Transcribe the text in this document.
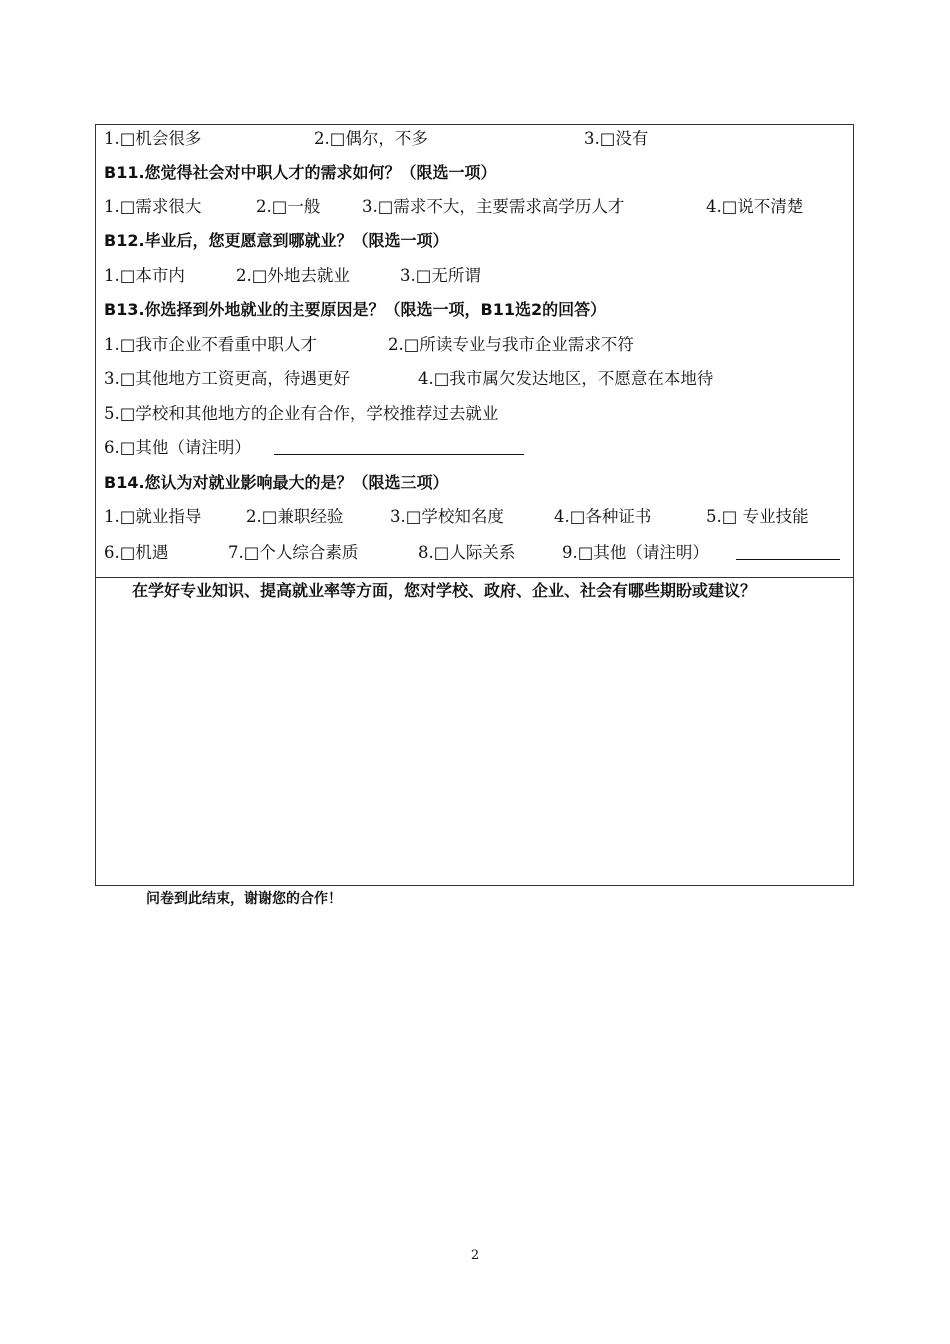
1.□机会很多	2.□偶尔，不多	3.□没有
B11.您觉得社会对中职人才的需求如何？（限选一项）
1.□需求很大	2.□一般	3.□需求不大，主要需求高学历人才	4.□说不清楚
B12.毕业后，您更愿意到哪就业？（限选一项）
1.□本市内	2.□外地去就业	3.□无所谓
B13.你选择到外地就业的主要原因是？（限选一项，B11选2的回答）
1.□我市企业不看重中职人才	2.□所读专业与我市企业需求不符
3.□其他地方工资更高，待遇更好	4.□我市属欠发达地区，不愿意在本地待
5.□学校和其他地方的企业有合作，学校推荐过去就业
6.□其他（请注明）
B14.您认为对就业影响最大的是？（限选三项）
1.□就业指导	2.□兼职经验	3.□学校知名度	4.□各种证书	5.□ 专业技能
6.□机遇	7.□个人综合素质	8.□人际关系	9.□其他（请注明）
在学好专业知识、提高就业率等方面，您对学校、政府、企业、社会有哪些期盼或建议？
问卷到此结束，谢谢您的合作！
2
